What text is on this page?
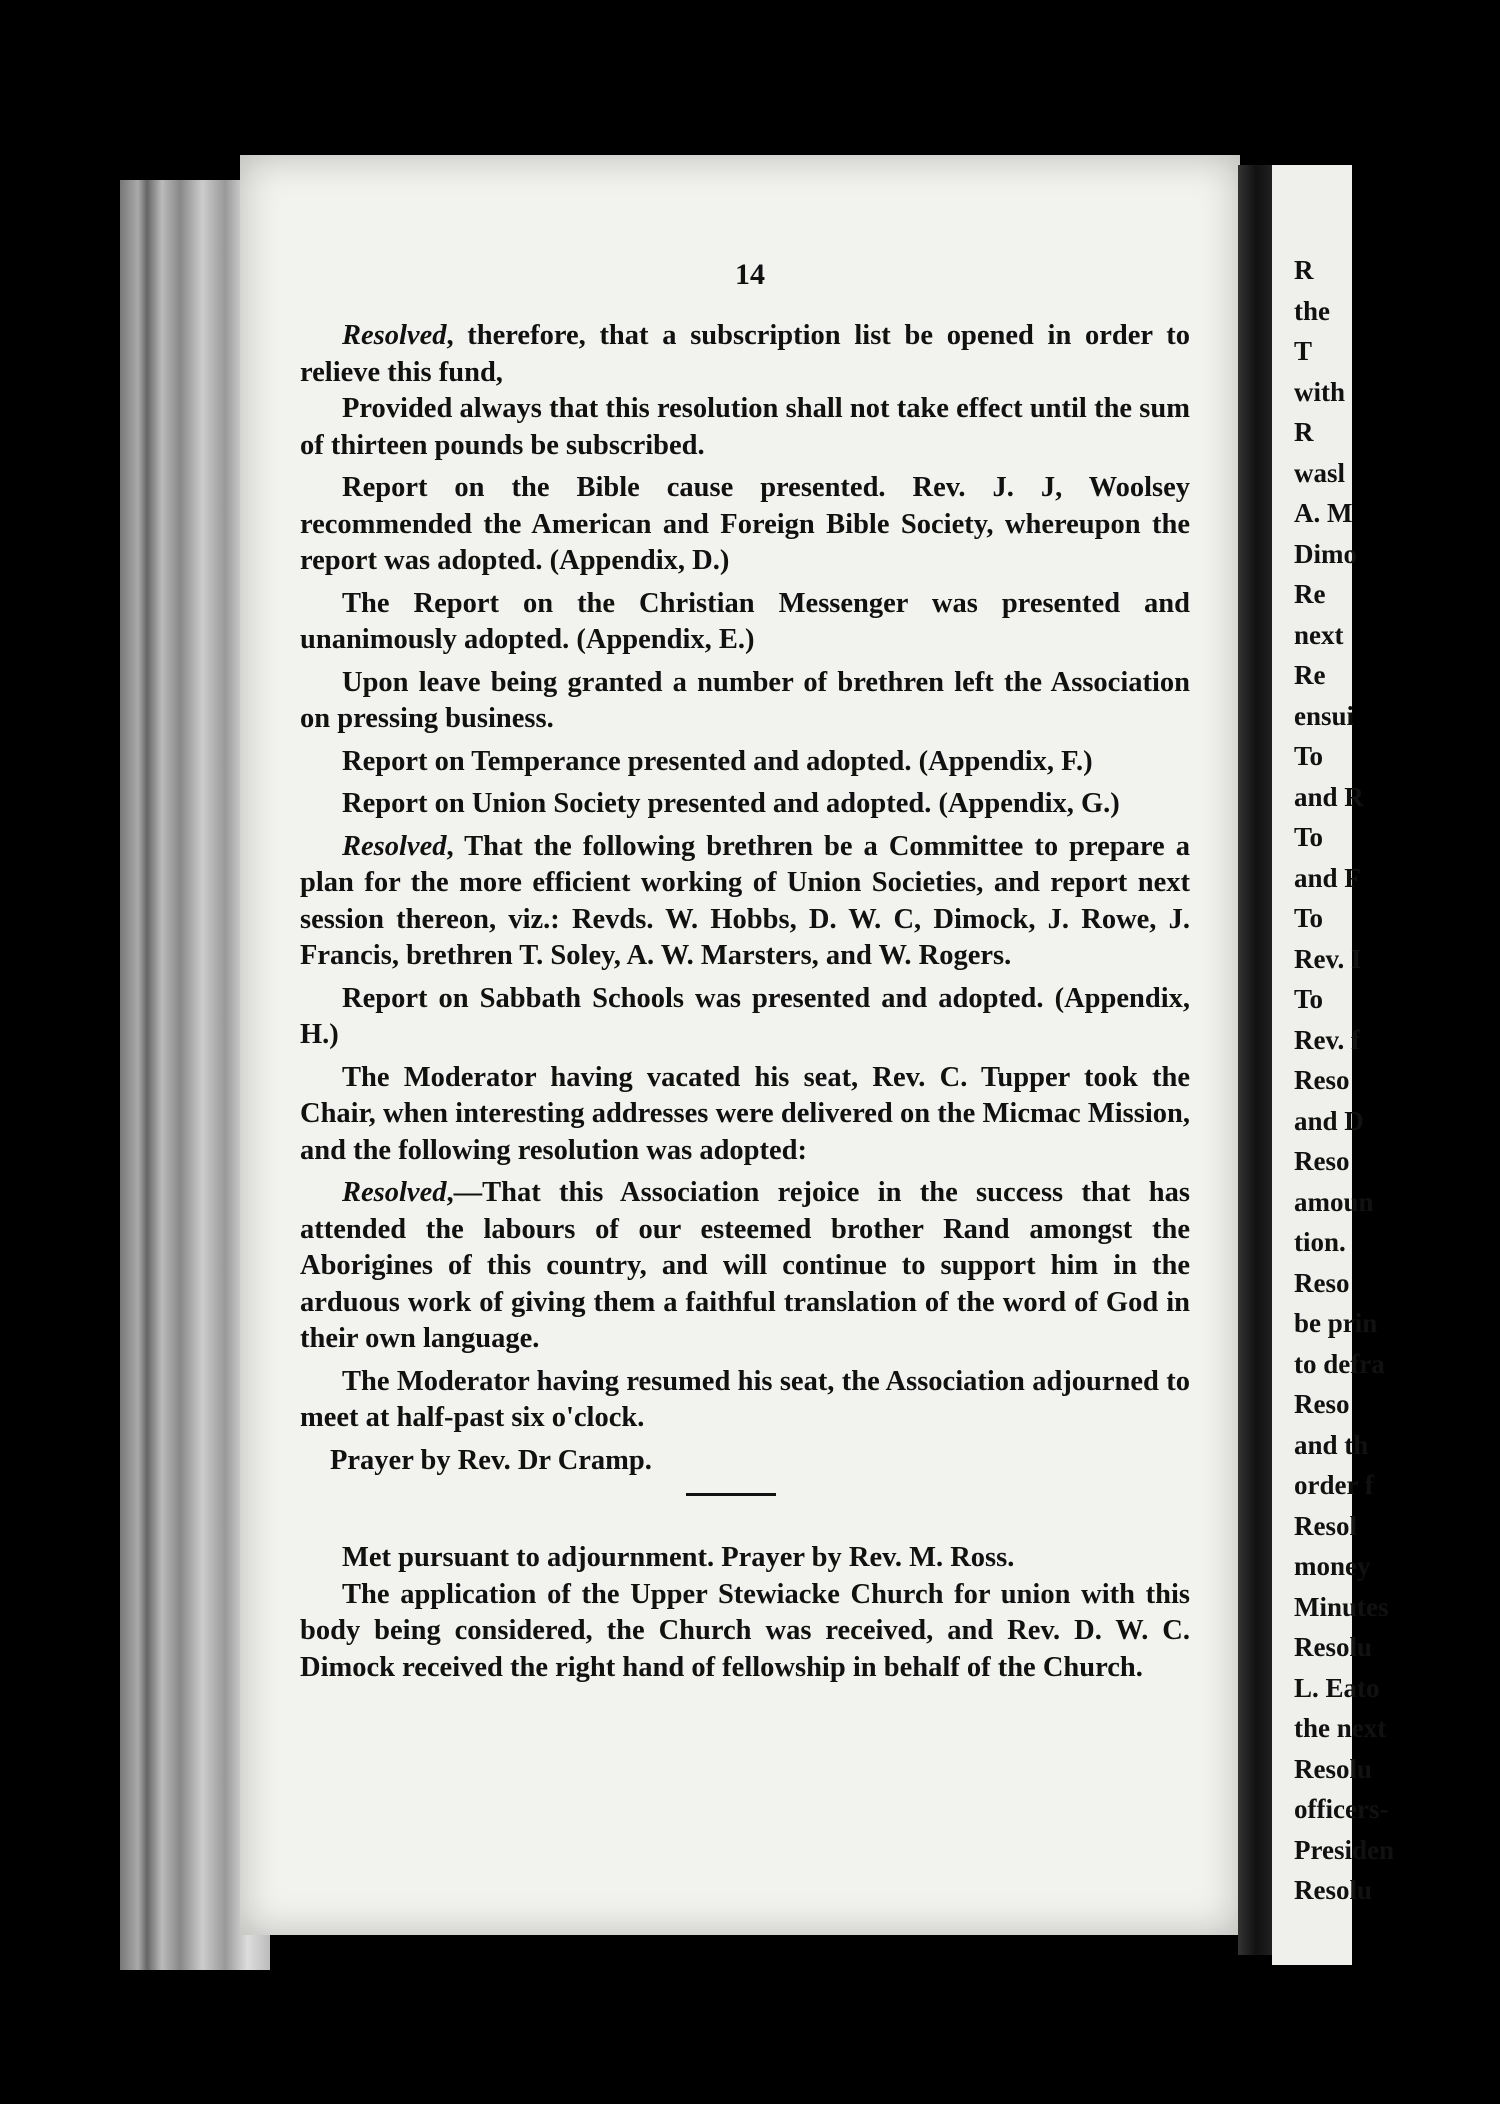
R
the
T
with
R
wasl
A. M
Dimo
Re
next
Re
ensui
To
and R
To
and F
To
Rev. I
To
Rev. f
Reso
and D
Reso
amoun
tion.
Reso
be prin
to defra
Reso
and th
order f
Resol
money
Minutes
Resolu
L. Eato
the next
Resolu
officers-
Presiden
Resolu
14

Resolved, therefore, that a subscription list be opened in order to relieve this fund,

Provided always that this resolution shall not take effect until the sum of thirteen pounds be subscribed.

Report on the Bible cause presented. Rev. J. J, Woolsey recommended the American and Foreign Bible Society, whereupon the report was adopted. (Appendix, D.)

The Report on the Christian Messenger was presented and unanimously adopted. (Appendix, E.)

Upon leave being granted a number of brethren left the Association on pressing business.

Report on Temperance presented and adopted. (Appendix, F.)

Report on Union Society presented and adopted. (Appendix, G.)

Resolved, That the following brethren be a Committee to prepare a plan for the more efficient working of Union Societies, and report next session thereon, viz.: Revds. W. Hobbs, D. W. C, Dimock, J. Rowe, J. Francis, brethren T. Soley, A. W. Marsters, and W. Rogers.

Report on Sabbath Schools was presented and adopted. (Appendix, H.)

The Moderator having vacated his seat, Rev. C. Tupper took the Chair, when interesting addresses were delivered on the Micmac Mission, and the following resolution was adopted:

Resolved,—That this Association rejoice in the success that has attended the labours of our esteemed brother Rand amongst the Aborigines of this country, and will continue to support him in the arduous work of giving them a faithful translation of the word of God in their own language.

The Moderator having resumed his seat, the Association adjourned to meet at half-past six o'clock.

Prayer by Rev. Dr Cramp.

Met pursuant to adjournment. Prayer by Rev. M. Ross.

The application of the Upper Stewiacke Church for union with this body being considered, the Church was received, and Rev. D. W. C. Dimock received the right hand of fellowship in behalf of the Church.
